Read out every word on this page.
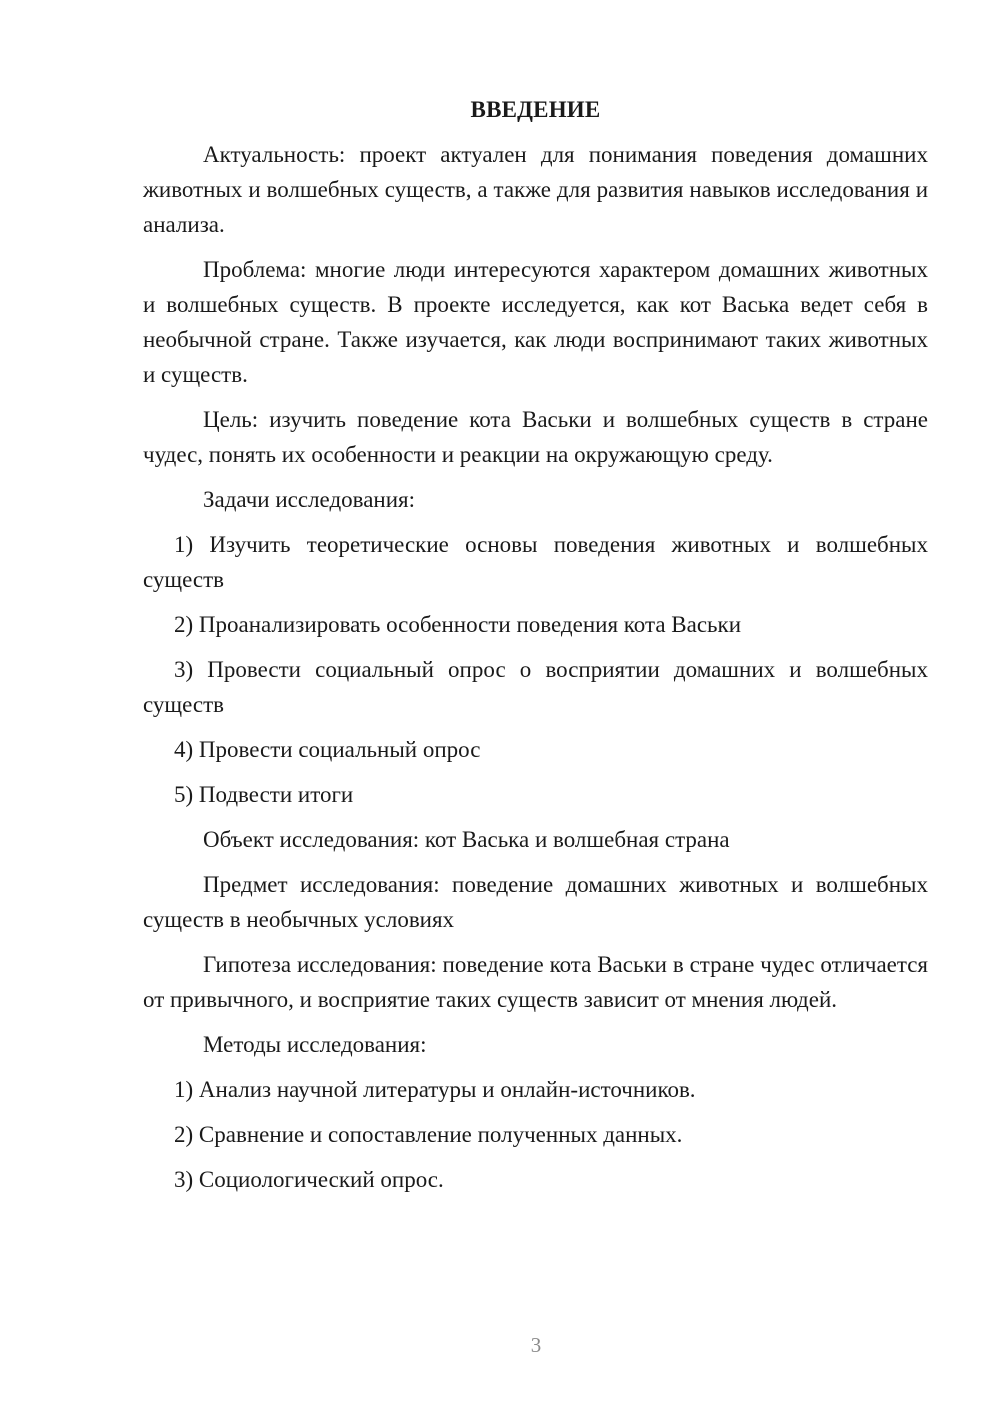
ВВЕДЕНИЕ

Актуальность: проект актуален для понимания поведения домашних животных и волшебных существ, а также для развития навыков исследования и анализа.

Проблема: многие люди интересуются характером домашних животных и волшебных существ. В проекте исследуется, как кот Васька ведет себя в необычной стране. Также изучается, как люди воспринимают таких животных и существ.

Цель: изучить поведение кота Васьки и волшебных существ в стране чудес, понять их особенности и реакции на окружающую среду.

Задачи исследования:

1) Изучить теоретические основы поведения животных и волшебных существ

2) Проанализировать особенности поведения кота Васьки

3) Провести социальный опрос о восприятии домашних и волшебных существ

4) Провести социальный опрос

5) Подвести итоги

Объект исследования: кот Васька и волшебная страна

Предмет исследования: поведение домашних животных и волшебных существ в необычных условиях

Гипотеза исследования: поведение кота Васьки в стране чудес отличается от привычного, и восприятие таких существ зависит от мнения людей.

Методы исследования:

1) Анализ научной литературы и онлайн-источников.

2) Сравнение и сопоставление полученных данных.

3) Социологический опрос.

3
